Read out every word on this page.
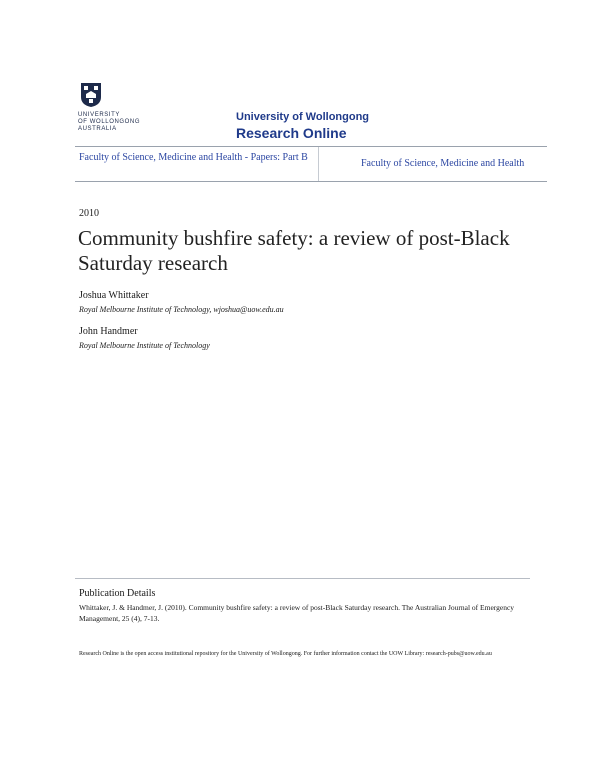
UNIVERSITY
OF WOLLONGONG
AUSTRALIA
University of Wollongong
Research Online
Faculty of Science, Medicine and Health - Papers: Part B
Faculty of Science, Medicine and Health
2010
Community bushfire safety: a review of post-Black Saturday research
Joshua Whittaker
Royal Melbourne Institute of Technology, wjoshua@uow.edu.au
John Handmer
Royal Melbourne Institute of Technology
Publication Details
Whittaker, J. & Handmer, J. (2010). Community bushfire safety: a review of post-Black Saturday research. The Australian Journal of Emergency Management, 25 (4), 7-13.
Research Online is the open access institutional repository for the University of Wollongong. For further information contact the UOW Library: research-pubs@uow.edu.au
